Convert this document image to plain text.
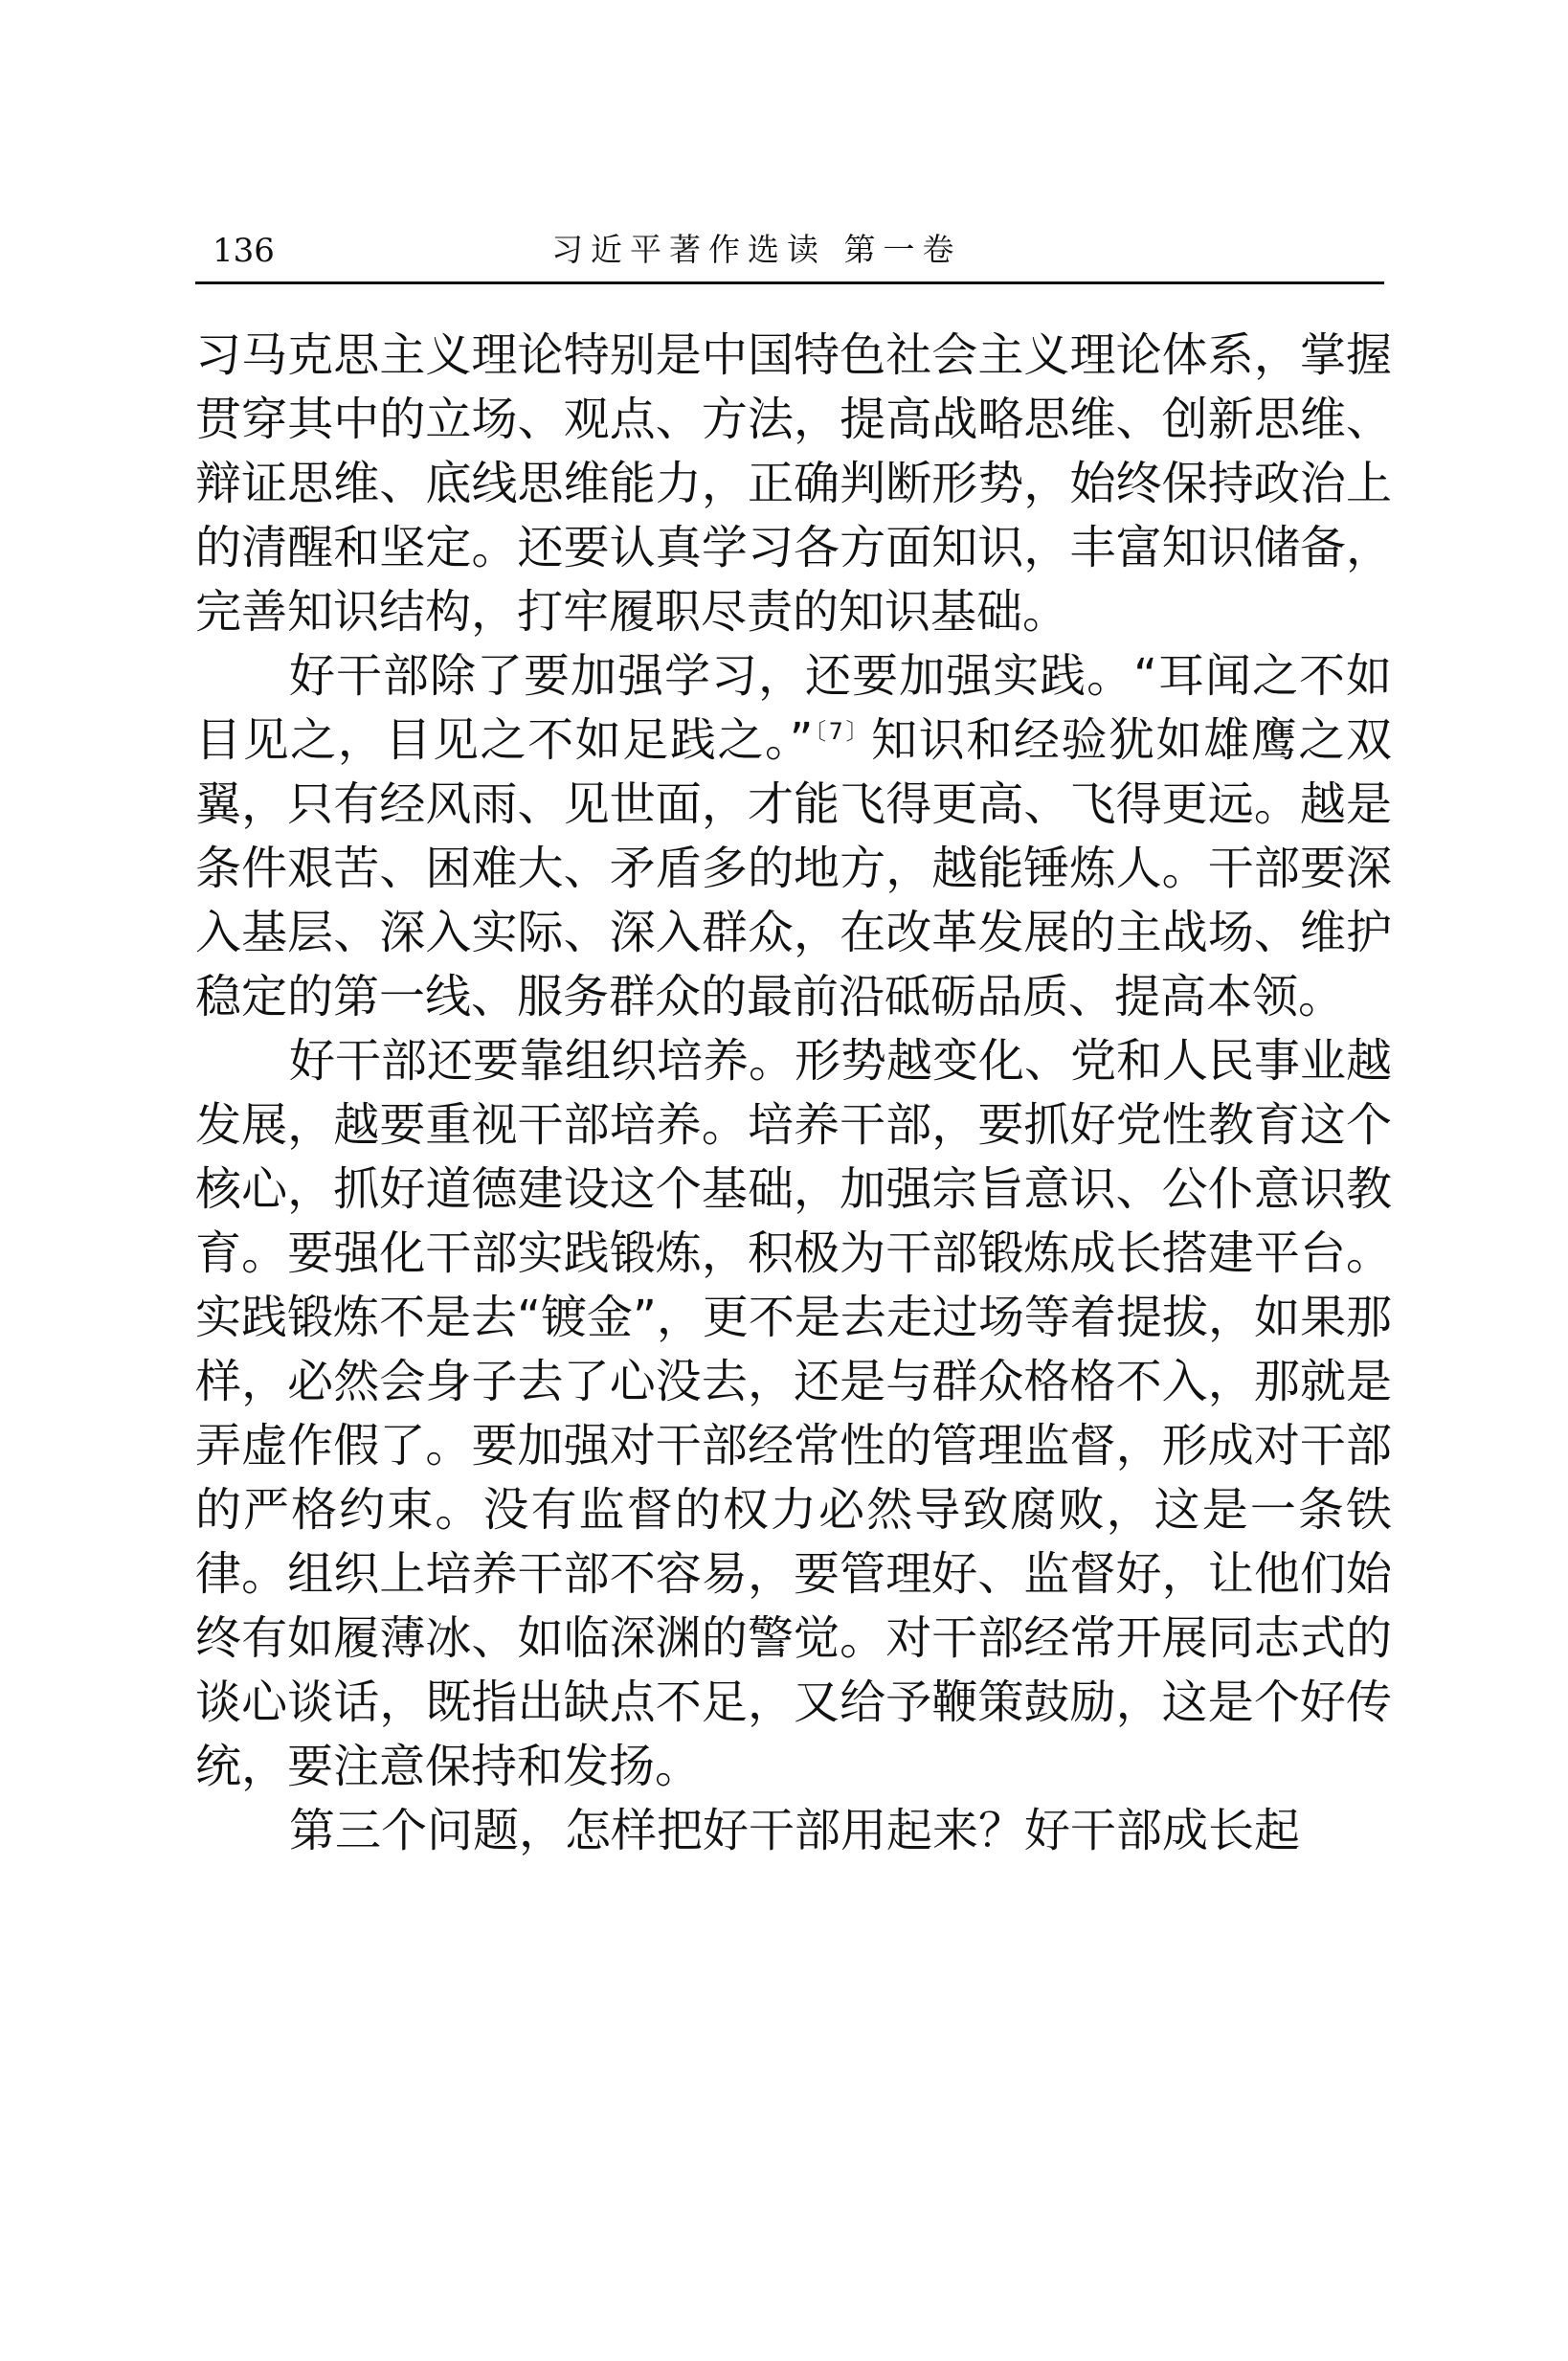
136	习近平著作选读 第一卷

习马克思主义理论特别是中国特色社会主义理论体系，掌握贯穿其中的立场、观点、方法，提高战略思维、创新思维、辩证思维、底线思维能力，正确判断形势，始终保持政治上的清醒和坚定。还要认真学习各方面知识，丰富知识储备，完善知识结构，打牢履职尽责的知识基础。

好干部除了要加强学习，还要加强实践。“耳闻之不如目见之，目见之不如足践之。”$^{〔7〕}$知识和经验犹如雄鹰之双翼，只有经风雨、见世面，才能飞得更高、飞得更远。越是条件艰苦、困难大、矛盾多的地方，越能锤炼人。干部要深入基层、深入实际、深入群众，在改革发展的主战场、维护稳定的第一线、服务群众的最前沿砥砺品质、提高本领。

好干部还要靠组织培养。形势越变化、党和人民事业越发展，越要重视干部培养。培养干部，要抓好党性教育这个核心，抓好道德建设这个基础，加强宗旨意识、公仆意识教育。要强化干部实践锻炼，积极为干部锻炼成长搭建平台。实践锻炼不是去“镀金”，更不是去走过场等着提拔，如果那样，必然会身子去了心没去，还是与群众格格不入，那就是弄虚作假了。要加强对干部经常性的管理监督，形成对干部的严格约束。没有监督的权力必然导致腐败，这是一条铁律。组织上培养干部不容易，要管理好、监督好，让他们始终有如履薄冰、如临深渊的警觉。对干部经常开展同志式的谈心谈话，既指出缺点不足，又给予鞭策鼓励，这是个好传统，要注意保持和发扬。

第三个问题，怎样把好干部用起来？好干部成长起
